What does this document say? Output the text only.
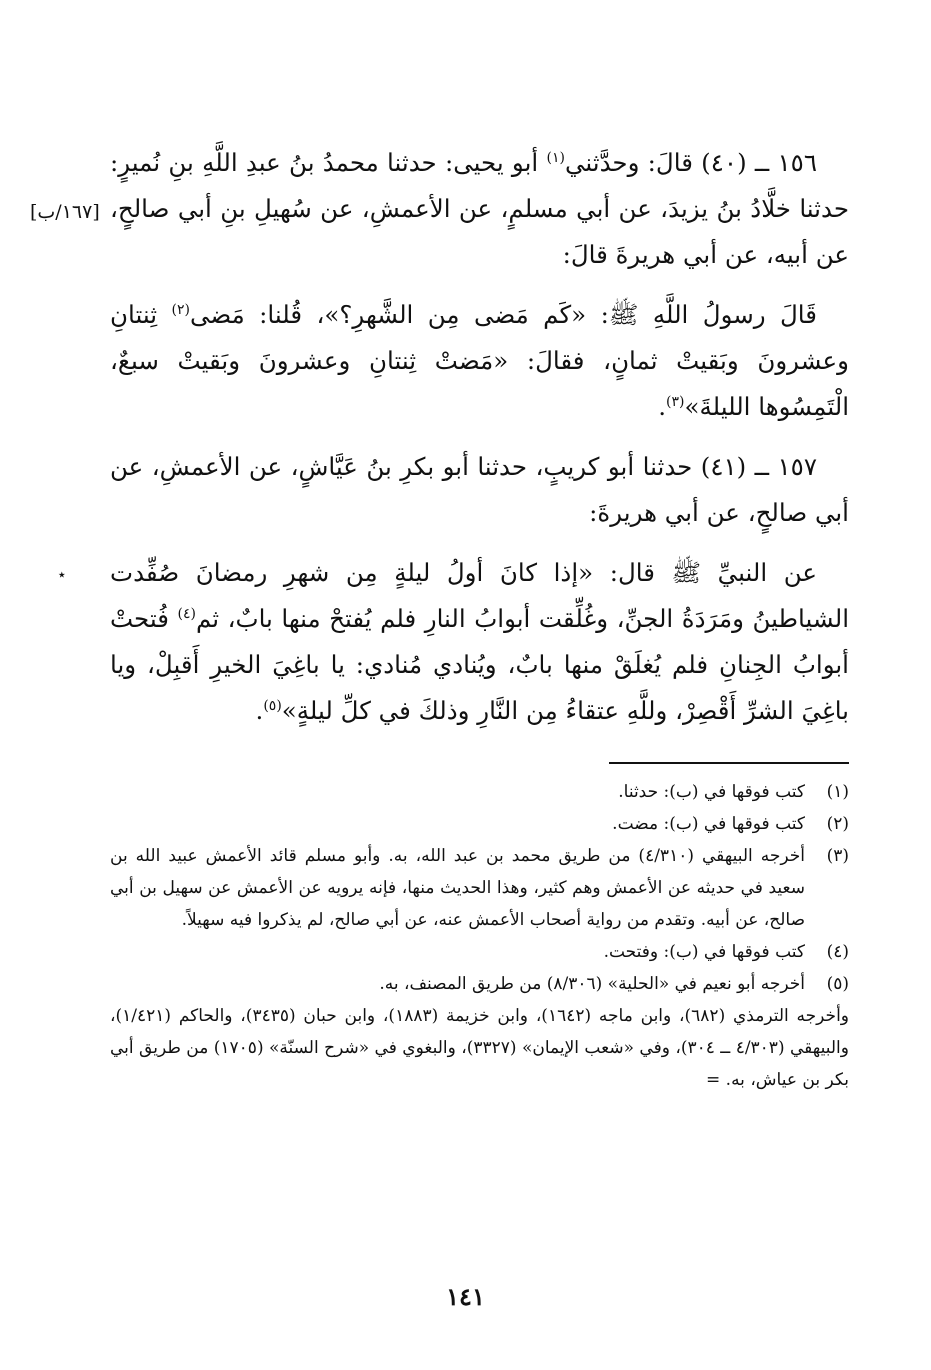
[١٦٧/ب]
١٥٦ ــ (٤٠) قالَ: وحدَّثني$^{(١)}$ أبو يحيى: حدثنا محمدُ بنُ عبدِ اللَّهِ بنِ نُميرٍ: حدثنا خلَّادُ بنُ يزيدَ، عن أبي مسلمٍ، عن الأعمشِ، عن سُهيلِ بنِ أبي صالحٍ، عن أبيه، عن أبي هريرةَ قالَ:

قَالَ رسولُ اللَّهِ ﷺ: «كَم مَضى مِن الشَّهرِ؟»، قُلنا: مَضى$^{(٢)}$ ثِنتانِ وعشرونَ وبَقيتْ ثمانٍ، فقالَ: «مَضتْ ثِنتانِ وعشرونَ وبَقيتْ سبعٌ، الْتَمِسُوها الليلةَ»$^{(٣)}$.

١٥٧ ــ (٤١) حدثنا أبو كريبٍ، حدثنا أبو بكرِ بنُ عَيَّاشٍ، عن الأعمشِ، عن أبي صالحٍ، عن أبي هريرةَ:

٭	عن النبيِّ ﷺ قال: «إذا كانَ أولُ ليلةٍ مِن شهرِ رمضانَ صُفِّدت الشياطينُ ومَرَدَةُ الجنِّ، وغُلِّقت أبوابُ النارِ فلم يُفتحْ منها بابٌ، ثم$^{(٤)}$ فُتحتْ أبوابُ الجِنانِ فلم يُغلَقْ منها بابٌ، ويُنادي مُنادي: يا باغِيَ الخيرِ أَقبِلْ، ويا باغِيَ الشرِّ أَقْصِرْ، وللَّهِ عتقاءُ مِن النَّارِ وذلكَ في كلِّ ليلةٍ»$^{(٥)}$.

(١)
كتب فوقها في (ب): حدثنا.
(٢)
كتب فوقها في (ب): مضت.
(٣)
أخرجه البيهقي (٤/٣١٠) من طريق محمد بن عبد الله، به. وأبو مسلم قائد الأعمش عبيد الله بن سعيد في حديثه عن الأعمش وهم كثير، وهذا الحديث منها، فإنه يرويه عن الأعمش عن سهيل بن أبي صالح، عن أبيه. وتقدم من رواية أصحاب الأعمش عنه، عن أبي صالح، لم يذكروا فيه سهيلاً.
(٤)
كتب فوقها في (ب): وفتحت.
(٥)
أخرجه أبو نعيم في «الحلية» (٨/٣٠٦) من طريق المصنف، به.

وأخرجه الترمذي (٦٨٢)، وابن ماجه (١٦٤٢)، وابن خزيمة (١٨٨٣)، وابن حبان (٣٤٣٥)، والحاكم (١/٤٢١)، والبيهقي (٤/٣٠٣ ــ ٣٠٤)، وفي «شعب الإيمان» (٣٣٢٧)، والبغوي في «شرح السنّة» (١٧٠٥) من طريق أبي بكر بن عياش، به. =

١٤١
